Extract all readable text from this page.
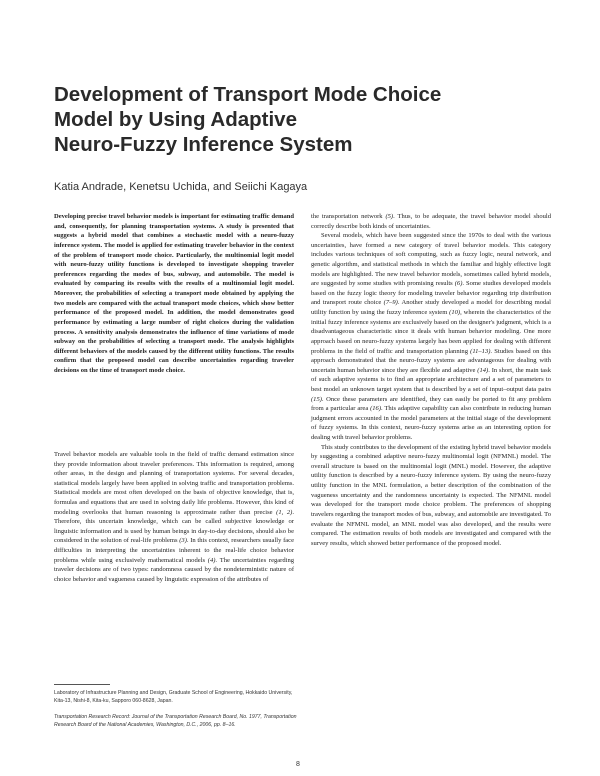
Development of Transport Mode Choice
Model by Using Adaptive
Neuro-Fuzzy Inference System
Katia Andrade, Kenetsu Uchida, and Seiichi Kagaya

Developing precise travel behavior models is important for estimating traffic demand and, consequently, for planning transportation systems. A study is presented that suggests a hybrid model that combines a stochastic model with a neuro-fuzzy inference system. The model is applied for estimating traveler behavior in the context of the problem of transport mode choice. Particularly, the multinomial logit model with neuro-fuzzy utility functions is developed to investigate shopping traveler preferences regarding the modes of bus, subway, and automobile. The model is evaluated by comparing its results with the results of a multinomial logit model. Moreover, the probabilities of selecting a transport mode obtained by applying the two models are compared with the actual transport mode choices, which show better performance of the proposed model. In addition, the model demonstrates good performance by estimating a large number of right choices during the validation process. A sensitivity analysis demonstrates the influence of time variations of mode subway on the probabilities of selecting a transport mode. The analysis highlights different behaviors of the models caused by the different utility functions. The results confirm that the proposed model can describe uncertainties regarding traveler decisions on the time of transport mode choice.

Travel behavior models are valuable tools in the field of traffic demand estimation since they provide information about traveler preferences. This information is required, among other areas, in the design and planning of transportation systems. For several decades, statistical models largely have been applied in solving traffic and transportation problems. Statistical models are most often developed on the basis of objective knowledge, that is, formulas and equations that are used in solving daily life problems. However, this kind of modeling overlooks that human reasoning is approximate rather than precise (1, 2). Therefore, this uncertain knowledge, which can be called subjective knowledge or linguistic information and is used by human beings in day-to-day decisions, should also be considered in the solution of real-life problems (3). In this context, researchers usually face difficulties in interpreting the uncertainties inherent to the real-life choice behavior problems while using exclusively mathematical models (4). The uncertainties regarding traveler decisions are of two types: randomness caused by the nondeterministic nature of choice behavior and vagueness caused by linguistic expression of the attributes of

the transportation network (5). Thus, to be adequate, the travel behavior model should correctly describe both kinds of uncertainties.

Several models, which have been suggested since the 1970s to deal with the various uncertainties, have formed a new category of travel behavior models. This category includes various techniques of soft computing, such as fuzzy logic, neural network, and genetic algorithm, and statistical methods in which the familiar and highly effective logit models are highlighted. The new travel behavior models, sometimes called hybrid models, are suggested by some studies with promising results (6). Some studies developed models based on the fuzzy logic theory for modeling traveler behavior regarding trip distribution and transport route choice (7–9). Another study developed a model for describing modal utility function by using the fuzzy inference system (10), wherein the characteristics of the initial fuzzy inference systems are exclusively based on the designer's judgment, which is a disadvantageous characteristic since it deals with human behavior modeling. One more approach based on neuro-fuzzy systems largely has been applied for dealing with different problems in the field of traffic and transportation planning (11–13). Studies based on this approach demonstrated that the neuro-fuzzy systems are advantageous for dealing with uncertain human behavior since they are flexible and adaptive (14). In short, the main task of such adaptive systems is to find an appropriate architecture and a set of parameters to best model an unknown target system that is described by a set of input–output data pairs (15). Once these parameters are identified, they can easily be ported to fit any problem from a particular area (16). This adaptive capability can also contribute in reducing human judgment errors accounted in the model parameters at the initial stage of the development of fuzzy systems. In this context, neuro-fuzzy systems arise as an interesting option for dealing with travel behavior problems.

This study contributes to the development of the existing hybrid travel behavior models by suggesting a combined adaptive neuro-fuzzy multinomial logit (NFMNL) model. The overall structure is based on the multinomial logit (MNL) model. However, the adaptive utility function is described by a neuro-fuzzy inference system. By using the neuro-fuzzy utility function in the MNL formulation, a better description of the combination of the vagueness uncertainty and the randomness uncertainty is expected. The NFMNL model was developed for the transport mode choice problem. The preferences of shopping travelers regarding the transport modes of bus, subway, and automobile are investigated. To evaluate the NFMNL model, an MNL model was also developed, and the results were compared. The estimation results of both models are investigated and compared with the survey results, which showed better performance of the proposed model.

Laboratory of Infrastructure Planning and Design, Graduate School of Engineering, Hokkaido University, Kita-13, Nishi-8, Kita-ku, Sapporo 060-8628, Japan.
Transportation Research Record: Journal of the Transportation Research Board, No. 1977, Transportation Research Board of the National Academies, Washington, D.C., 2006, pp. 8–16.
8
